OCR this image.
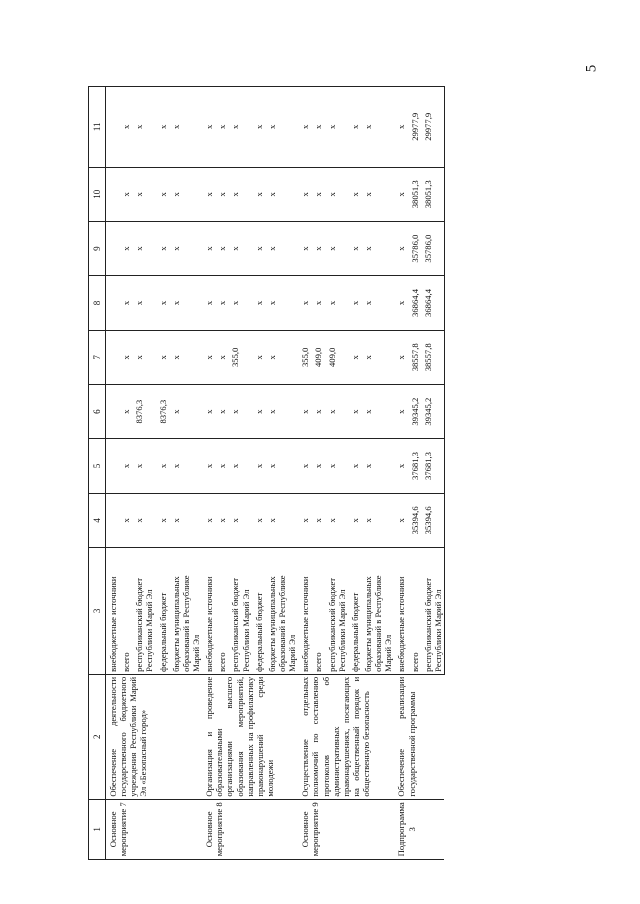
5
1	2	3	4	5	6	7	8	9	10	11
Основное мероприятие 7	Обеспечение деятельности государственного бюджетного учреждения Республики Марий Эл «Безопасный город»	внебюджетные источники								
		всего	x	x	x	x	x	x	x	x
		республиканский бюджет Республики Марий Эл	x	x	8376,3	x	x	x	x	x
		федеральный бюджет	x	x	8376,3	x	x	x	x	x
		бюджеты муниципальных образований в Республике Марий Эл	x	x	x	x	x	x	x	x
Основное мероприятие 8	Организация и проведение образовательными организациями высшего образования мероприятий, направленных на профилактику правонарушений среди молодежи	внебюджетные источники	x	x	x	x	x	x	x	x
		всего	x	x	x	x	x	x	x	x
		республиканский бюджет Республики Марий Эл	x	x	x	355,0	x	x	x	x
		федеральный бюджет	x	x	x	x	x	x	x	x
		бюджеты муниципальных образований в Республике Марий Эл	x	x	x	x	x	x	x	x
Основное мероприятие 9	Осуществление отдельных полномочий по составлению протоколов об административных правонарушениях, посягающих на общественный порядок и общественную безопасность	внебюджетные источники	x	x	x	355,0	x	x	x	x
		всего	x	x	x	409,0	x	x	x	x
		республиканский бюджет Республики Марий Эл	x	x	x	409,0	x	x	x	x
		федеральный бюджет	x	x	x	x	x	x	x	x
		бюджеты муниципальных образований в Республике Марий Эл	x	x	x	x	x	x	x	x
Подпрограмма 3	Обеспечение реализации государственной программы	внебюджетные источники	x	x	x	x	x	x	x	x
		всего	35394,6	37681,3	39345,2	38557,8	36864,4	35786,0	38051,3	29977,9
		республиканский бюджет Республики Марий Эл	35394,6	37681,3	39345,2	38557,8	36864,4	35786,0	38051,3	29977,9
